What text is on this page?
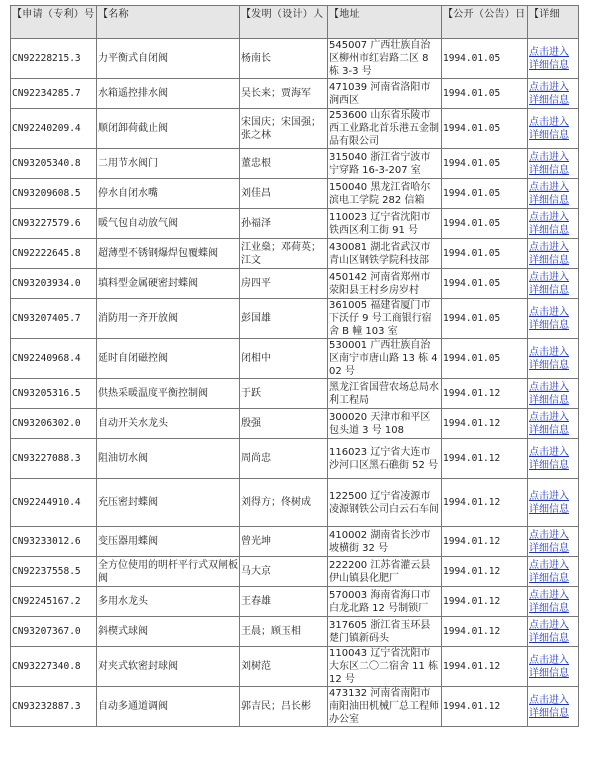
【申请（专利）号	【名称	【发明（设计）人	【地址	【公开（公告）日	【详细
CN92228215.3	力平衡式自闭阀	杨南长	545007 广西壮族自治区柳州市红岩路二区 8 栋 3-3 号	1994.01.05	点击进入
详细信息

CN92234285.7	水箱遥控排水阀	吴长来；贾海军	471039 河南省洛阳市涧西区	1994.01.05	点击进入
详细信息

CN92240209.4	顺闭卸荷截止阀	宋国庆；宋国强；张之林	253600 山东省乐陵市西工业路北首乐港五金制品有限公司	1994.01.05	点击进入
详细信息

CN93205340.8	二用节水阀门	董忠根	315040 浙江省宁波市宁穿路 16-3-207 室	1994.01.05	点击进入
详细信息

CN93209608.5	停水自闭水嘴	刘佳昌	150040 黑龙江省哈尔滨电工学院 282 信箱	1994.01.05	点击进入
详细信息

CN93227579.6	暖气包自动放气阀	孙福泽	110023 辽宁省沈阳市铁西区利工街 91 号	1994.01.05	点击进入
详细信息

CN92222645.8	超薄型不锈钢爆焊包覆蝶阀	江业燊；邓荷英；江文	430081 湖北省武汉市青山区钢铁学院科技部	1994.01.05	点击进入
详细信息

CN93203934.0	填料型金属硬密封蝶阀	房四平	450142 河南省郑州市荥阳县王村乡房岁村	1994.01.05	点击进入
详细信息

CN93207405.7	消防用一齐开放阀	彭国雄	361005 福建省厦门市下沃仔 9 号工商银行宿舍 B 幢 103 室	1994.01.05	点击进入
详细信息

CN92240968.4	延时自闭磁控阀	闭相中	530001 广西壮族自治区南宁市唐山路 13 栋 402 号	1994.01.05	点击进入
详细信息

CN93205316.5	供热采暖温度平衡控制阀	于跃	黑龙江省国营农场总局水利工程局	1994.01.12	点击进入
详细信息

CN93206302.0	自动开关水龙头	殷强	300020 天津市和平区包头道 3 号 108	1994.01.12	点击进入
详细信息

CN93227088.3	阻油切水阀	周尚忠	116023 辽宁省大连市沙河口区黑石礁街 52 号	1994.01.12	点击进入
详细信息

CN92244910.4	充压密封蝶阀	刘得方；佟树成	122500 辽宁省凌源市凌源钢铁公司白云石车间	1994.01.12	点击进入
详细信息

CN93233012.6	变压器用蝶阀	曾光坤	410002 湖南省长沙市坡横街 32 号	1994.01.12	点击进入
详细信息

CN92237558.5	全方位使用的明杆平行式双闸板阀	马大京	222200 江苏省灌云县伊山镇县化肥厂	1994.01.12	点击进入
详细信息

CN92245167.2	多用水龙头	王春雄	570003 海南省海口市白龙北路 12 号制锁厂	1994.01.12	点击进入
详细信息

CN93207367.0	斜楔式球阀	王晨；顾玉相	317605 浙江省玉环县楚门镇新码头	1994.01.12	点击进入
详细信息

CN93227340.8	对夹式软密封球阀	刘树范	110043 辽宁省沈阳市大东区二〇二宿舍 11 栋 12 号	1994.01.12	点击进入
详细信息

CN93232887.3	自动多通道调阀	郭吉民；吕长彬	473132 河南省南阳市南阳油田机械厂总工程师办公室	1994.01.12	点击进入
详细信息
